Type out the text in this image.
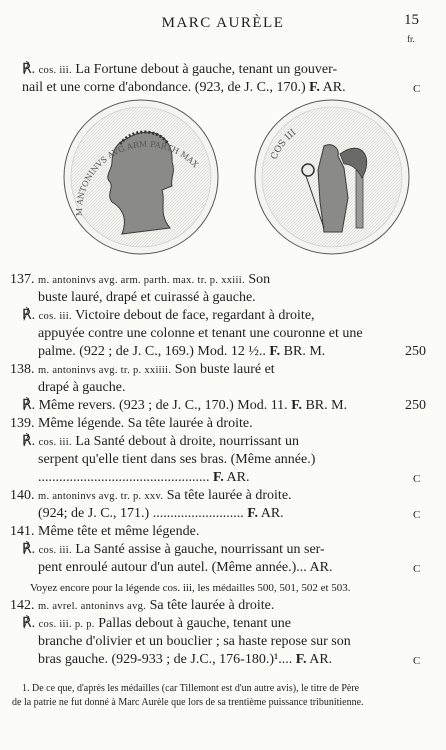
MARC AURÈLE	15
fr.
℟. cos. iii. La Fortune debout à gauche, tenant un gouver-
nail et une corne d'abondance. (923, de J. C., 170.) F. AR.	C
M ANTONINVS AVG ARM PARTH MAX
COS III
137. m. antoninvs avg. arm. parth. max. tr. p. xxiii. Son
buste lauré, drapé et cuirassé à gauche.
℟. cos. iii. Victoire debout de face, regardant à droite,
appuyée contre une colonne et tenant une couronne et une
palme. (922 ; de J. C., 169.) Mod. 12 ½.. F. BR. M.	250
138. m. antoninvs avg. tr. p. xxiiii. Son buste lauré et
drapé à gauche.
℟. Même revers. (923 ; de J. C., 170.) Mod. 11. F. BR. M.	250
139. Même légende. Sa tête laurée à droite.
℟. cos. iii. La Santé debout à droite, nourrissant un
serpent qu'elle tient dans ses bras. (Même année.)
................................................. F. AR.	C
140. m. antoninvs avg. tr. p. xxv. Sa tête laurée à droite.
(924; de J. C., 171.) .......................... F. AR.	C
141. Même tête et même légende.
℟. cos. iii. La Santé assise à gauche, nourrissant un ser-
pent enroulé autour d'un autel. (Même année.)... AR.	C
Voyez encore pour la légende cos. iii, les médailles 500, 501, 502 et 503.
142. m. avrel. antoninvs avg. Sa tête laurée à droite.
℟. cos. iii. p. p. Pallas debout à gauche, tenant une
branche d'olivier et un bouclier ; sa haste repose sur son
bras gauche. (929-933 ; de J.C., 176-180.)¹.... F. AR.	C
1. De ce que, d'après les médailles (car Tillemont est d'un autre avis), le titre de Père
de la patrie ne fut donné à Marc Aurèle que lors de sa trentième puissance tribunitienne.
